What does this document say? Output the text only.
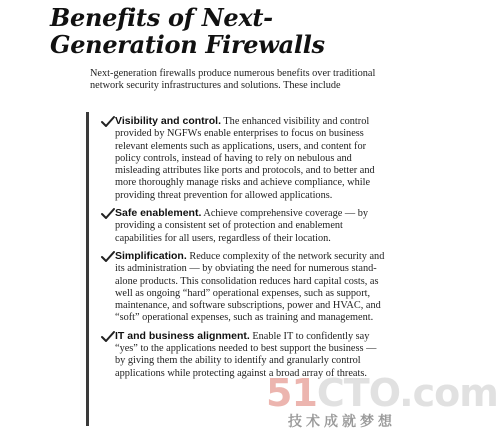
Benefits of Next-Generation Firewalls

Next-generation firewalls produce numerous benefits over traditional network security infrastructures and solutions. These include

Visibility and control. The enhanced visibility and control provided by NGFWs enable enterprises to focus on business relevant elements such as applications, users, and content for policy controls, instead of having to rely on nebulous and misleading attributes like ports and protocols, and to better and more thoroughly manage risks and achieve compliance, while providing threat prevention for allowed applications.
Safe enablement. Achieve comprehensive coverage — by providing a consistent set of protection and enablement capabilities for all users, regardless of their location.
Simplification. Reduce complexity of the network security and its administration — by obviating the need for numerous stand-alone products. This consolidation reduces hard capital costs, as well as ongoing “hard” operational expenses, such as support, maintenance, and software subscriptions, power and HVAC, and “soft” operational expenses, such as training and management.
IT and business alignment. Enable IT to confidently say “yes” to the applications needed to best support the business — by giving them the ability to identify and granularly control applications while protecting against a broad array of threats.
51CTO.com
技术成就梦想
